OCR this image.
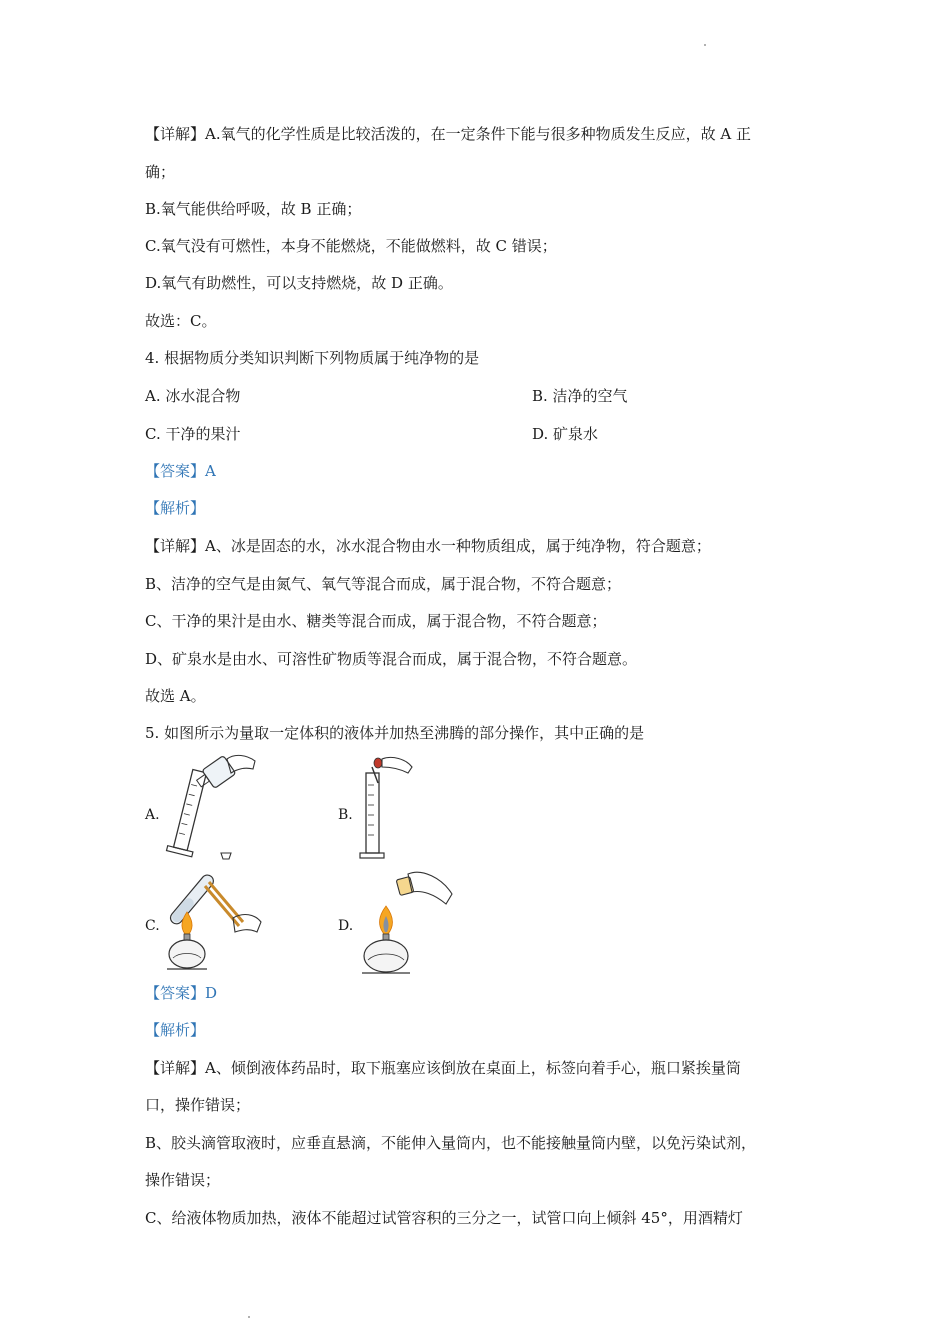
【详解】A.氧气的化学性质是比较活泼的，在一定条件下能与很多种物质发生反应，故 A 正
确；
B.氧气能供给呼吸，故 B 正确；
C.氧气没有可燃性，本身不能燃烧，不能做燃料，故 C 错误；
D.氧气有助燃性，可以支持燃烧，故 D 正确。
故选：C。
4. 根据物质分类知识判断下列物质属于纯净物的是
A. 冰水混合物	B. 洁净的空气
C. 干净的果汁	D. 矿泉水
【答案】A
【解析】
【详解】A、冰是固态的水，冰水混合物由水一种物质组成，属于纯净物，符合题意；
B、洁净的空气是由氮气、氧气等混合而成，属于混合物，不符合题意；
C、干净的果汁是由水、糖类等混合而成，属于混合物，不符合题意；
D、矿泉水是由水、可溶性矿物质等混合而成，属于混合物，不符合题意。
故选 A。
5. 如图所示为量取一定体积的液体并加热至沸腾的部分操作，其中正确的是
A.	B.
C.	D.
【答案】D
【解析】
【详解】A、倾倒液体药品时，取下瓶塞应该倒放在桌面上，标签向着手心，瓶口紧挨量筒
口，操作错误；
B、胶头滴管取液时，应垂直悬滴，不能伸入量筒内，也不能接触量筒内壁，以免污染试剂，
操作错误；
C、给液体物质加热，液体不能超过试管容积的三分之一，试管口向上倾斜 45°，用酒精灯
